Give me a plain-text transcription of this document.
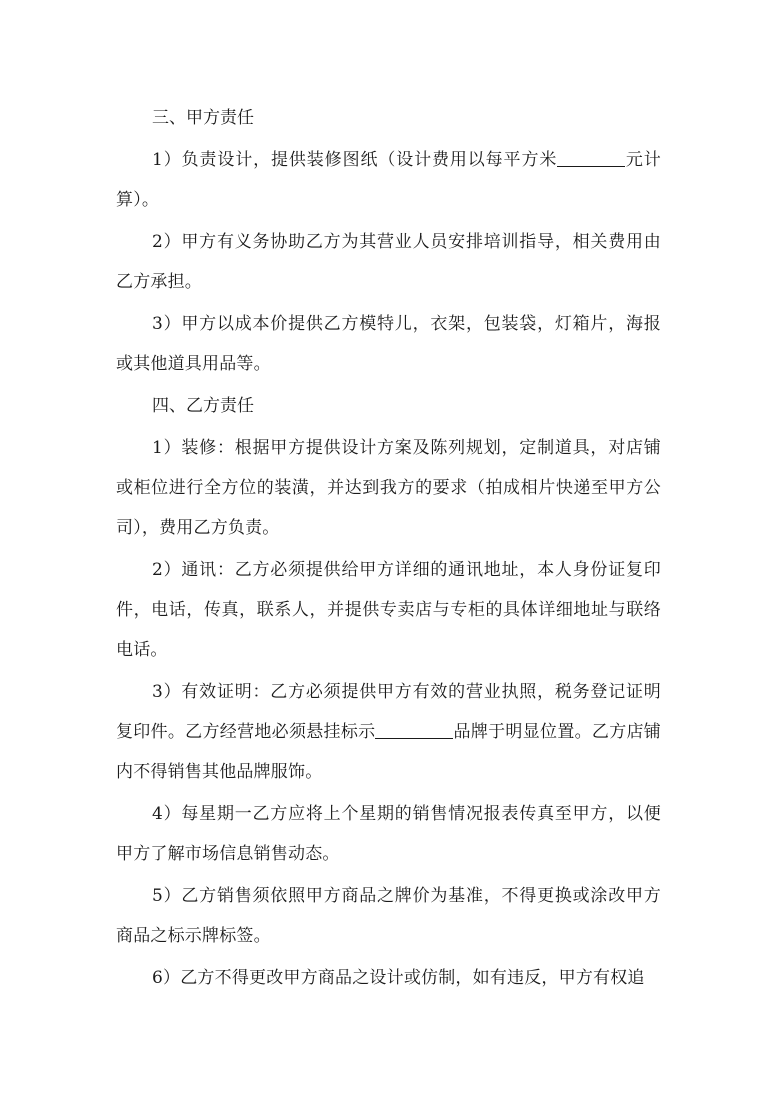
三、甲方责任

1）负责设计，提供装修图纸（设计费用以每平方米	元计算）。

2）甲方有义务协助乙方为其营业人员安排培训指导，相关费用由乙方承担。

3）甲方以成本价提供乙方模特儿，衣架，包装袋，灯箱片，海报或其他道具用品等。

四、乙方责任

1）装修：根据甲方提供设计方案及陈列规划，定制道具，对店铺或柜位进行全方位的装潢，并达到我方的要求（拍成相片快递至甲方公司），费用乙方负责。

2）通讯：乙方必须提供给甲方详细的通讯地址，本人身份证复印件，电话，传真，联系人，并提供专卖店与专柜的具体详细地址与联络电话。

3）有效证明：乙方必须提供甲方有效的营业执照，税务登记证明复印件。乙方经营地必须悬挂标示	品牌于明显位置。乙方店铺内不得销售其他品牌服饰。

4）每星期一乙方应将上个星期的销售情况报表传真至甲方，以便甲方了解市场信息销售动态。

5）乙方销售须依照甲方商品之牌价为基准，不得更换或涂改甲方商品之标示牌标签。

6）乙方不得更改甲方商品之设计或仿制，如有违反，甲方有权追
